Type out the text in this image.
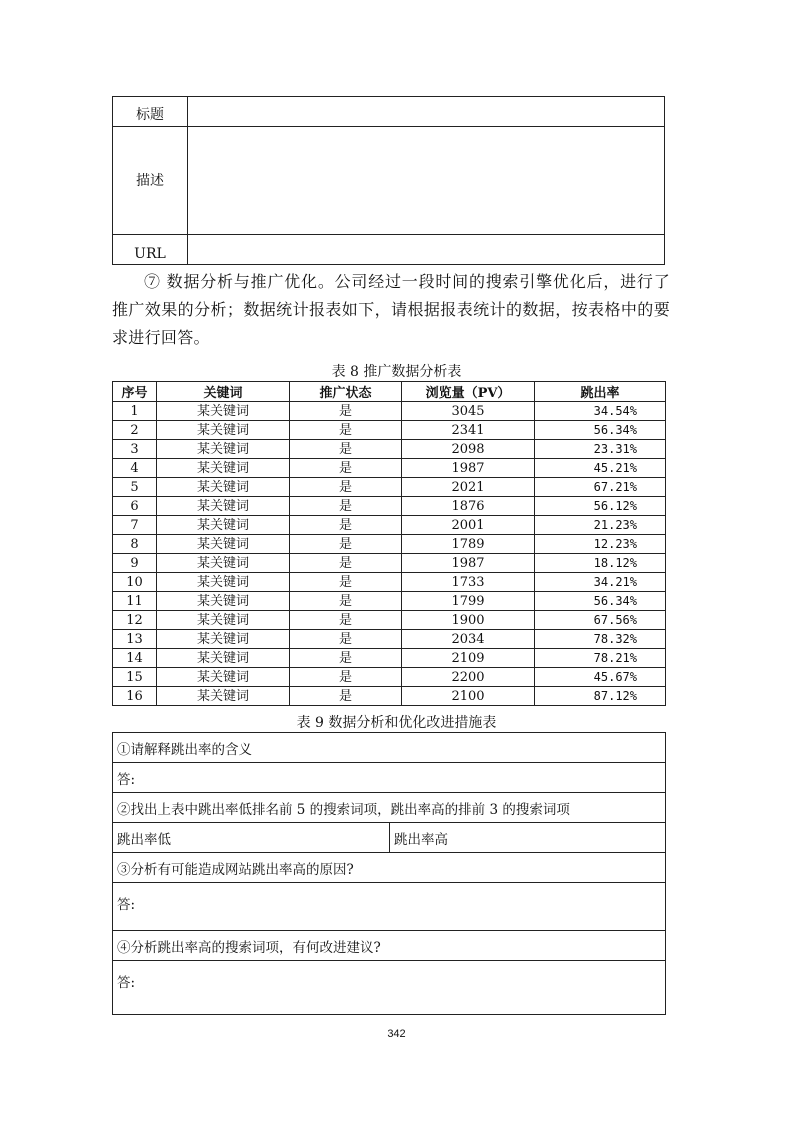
标题	
描述	
URL	
⑦ 数据分析与推广优化。公司经过一段时间的搜索引擎优化后，进行了推广效果的分析；数据统计报表如下，请根据报表统计的数据，按表格中的要求进行回答。
表 8 推广数据分析表
序号	关键词	推广状态	浏览量（PV）	跳出率
1	某关键词	是	3045	34.54%
2	某关键词	是	2341	56.34%
3	某关键词	是	2098	23.31%
4	某关键词	是	1987	45.21%
5	某关键词	是	2021	67.21%
6	某关键词	是	1876	56.12%
7	某关键词	是	2001	21.23%
8	某关键词	是	1789	12.23%
9	某关键词	是	1987	18.12%
10	某关键词	是	1733	34.21%
11	某关键词	是	1799	56.34%
12	某关键词	是	1900	67.56%
13	某关键词	是	2034	78.32%
14	某关键词	是	2109	78.21%
15	某关键词	是	2200	45.67%
16	某关键词	是	2100	87.12%
表 9 数据分析和优化改进措施表
①请解释跳出率的含义
答:
②找出上表中跳出率低排名前 5 的搜索词项，跳出率高的排前 3 的搜索词项
跳出率低	跳出率高
③分析有可能造成网站跳出率高的原因?
答:
④分析跳出率高的搜索词项，有何改进建议?
答:
342
